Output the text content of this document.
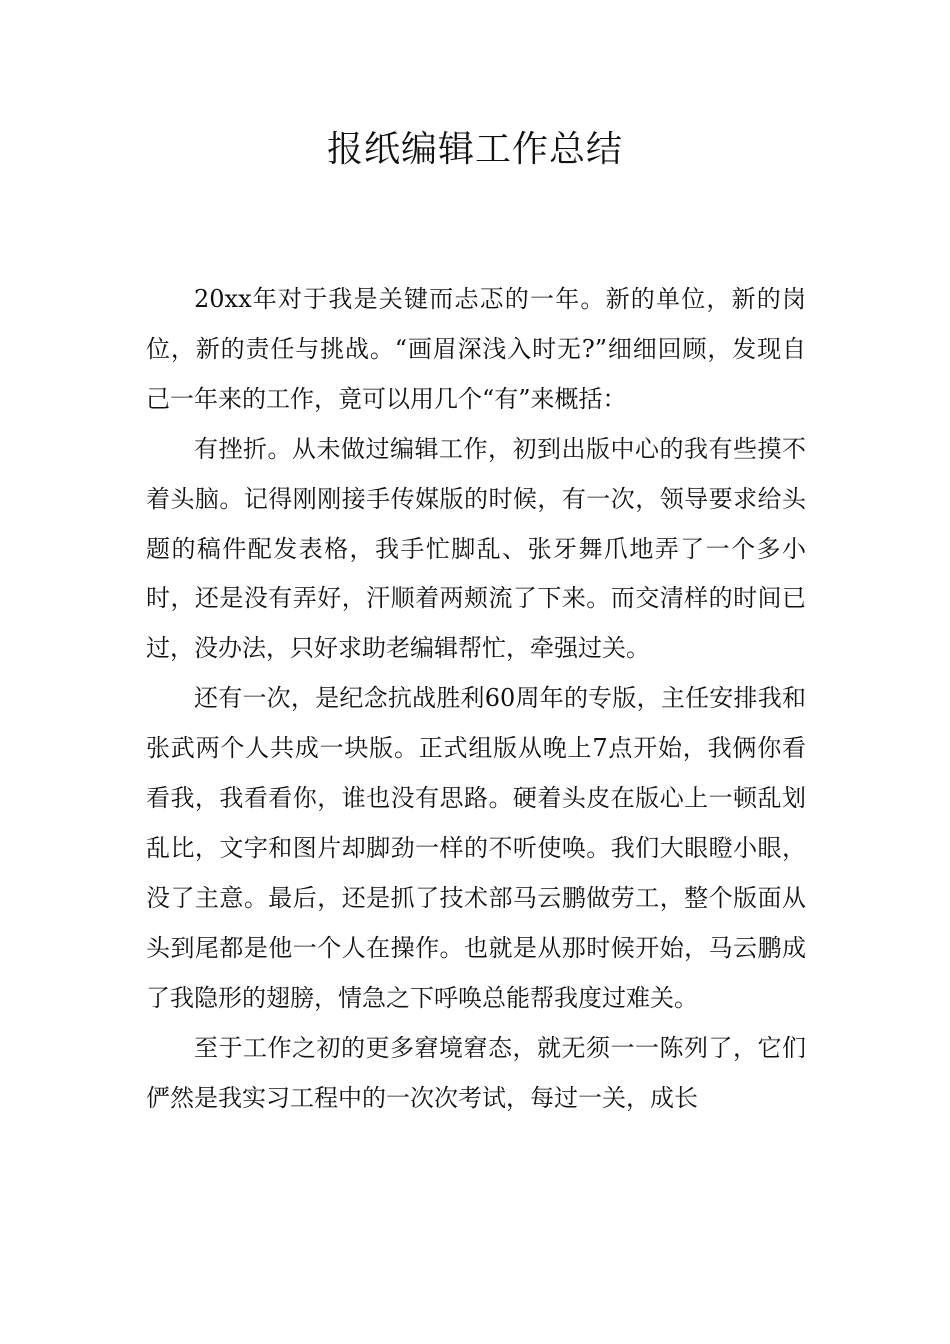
报纸编辑工作总结

20xx年对于我是关键而忐忑的一年。新的单位，新的岗位，新的责任与挑战。“画眉深浅入时无?”细细回顾，发现自己一年来的工作，竟可以用几个“有”来概括：

有挫折。从未做过编辑工作，初到出版中心的我有些摸不着头脑。记得刚刚接手传媒版的时候，有一次，领导要求给头题的稿件配发表格，我手忙脚乱、张牙舞爪地弄了一个多小时，还是没有弄好，汗顺着两颊流了下来。而交清样的时间已过，没办法，只好求助老编辑帮忙，牵强过关。

还有一次，是纪念抗战胜利60周年的专版，主任安排我和张武两个人共成一块版。正式组版从晚上7点开始，我俩你看看我，我看看你，谁也没有思路。硬着头皮在版心上一顿乱划乱比，文字和图片却脚劲一样的不听使唤。我们大眼瞪小眼，没了主意。最后，还是抓了技术部马云鹏做劳工，整个版面从头到尾都是他一个人在操作。也就是从那时候开始，马云鹏成了我隐形的翅膀，情急之下呼唤总能帮我度过难关。

至于工作之初的更多窘境窘态，就无须一一陈列了，它们俨然是我实习工程中的一次次考试，每过一关，成长
